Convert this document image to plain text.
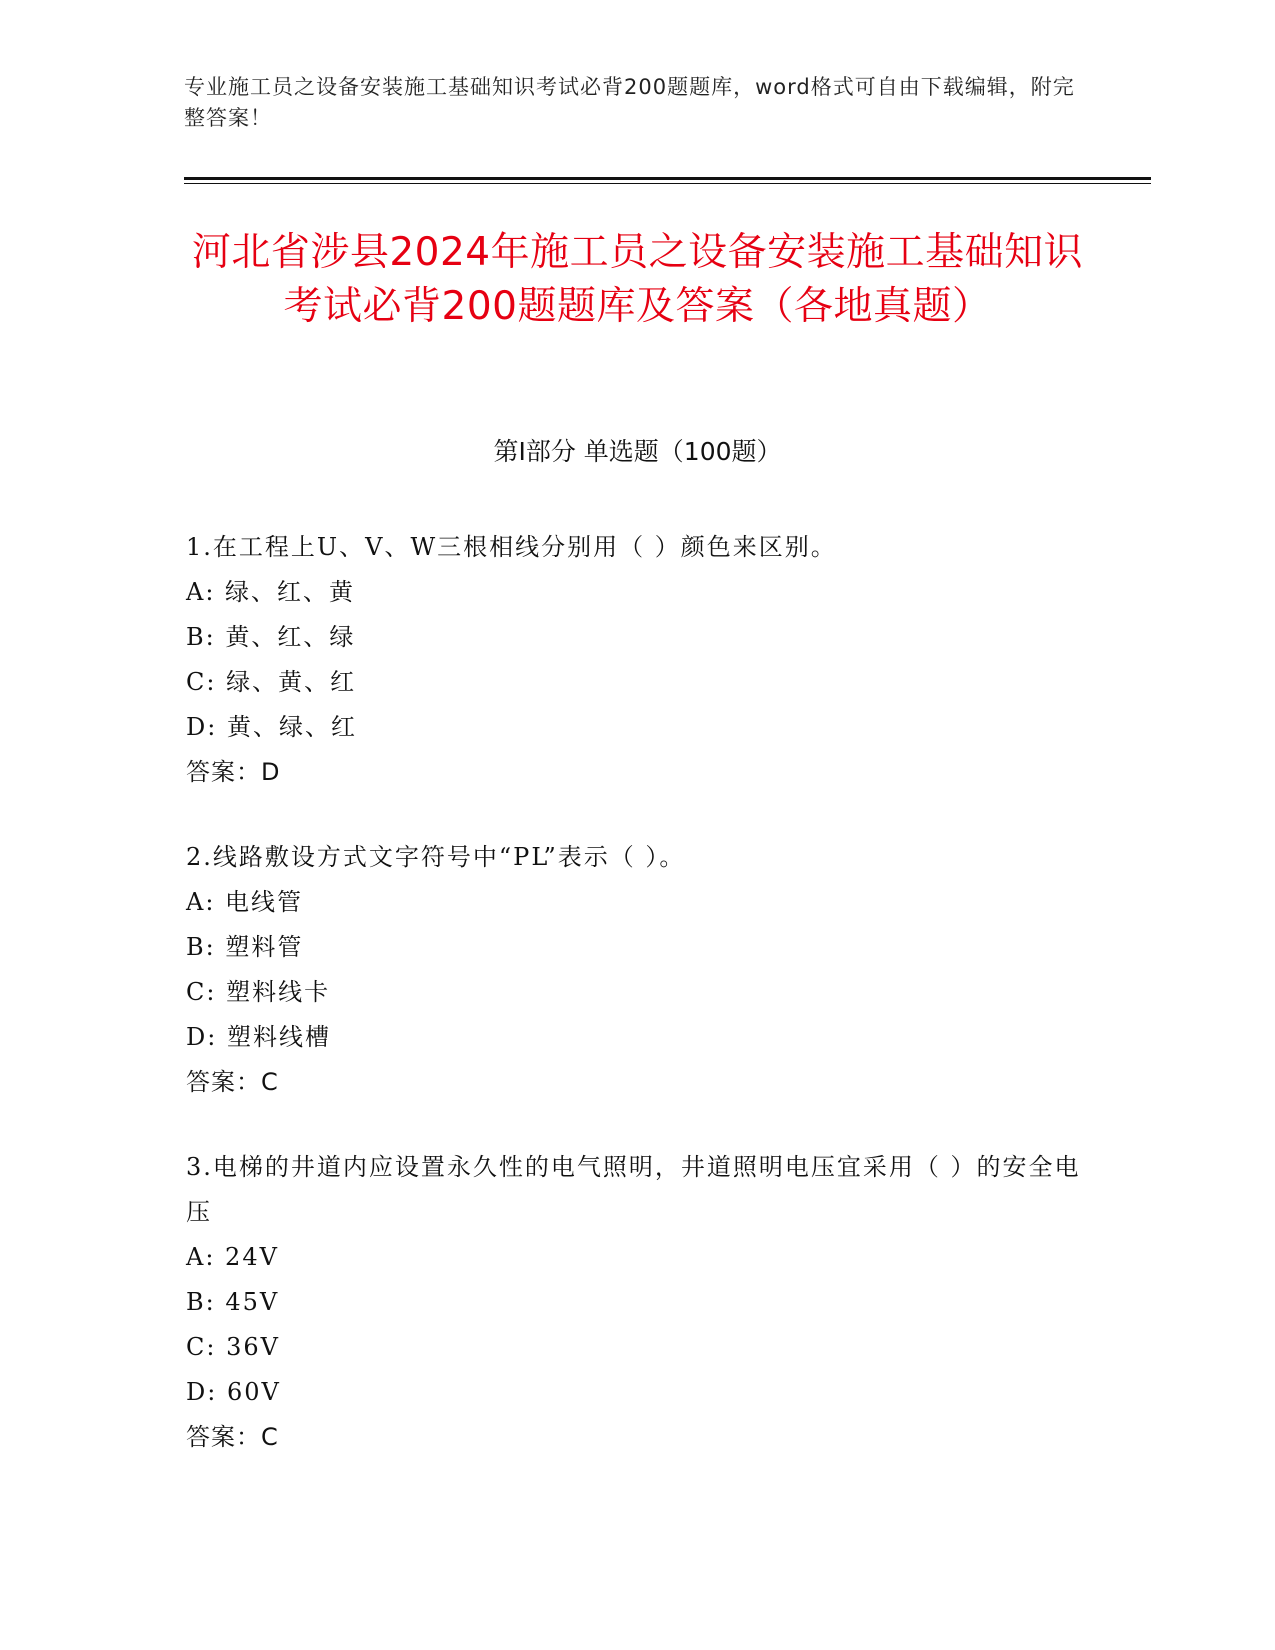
专业施工员之设备安装施工基础知识考试必背200题题库，word格式可自由下载编辑，附完整答案！
河北省涉县2024年施工员之设备安装施工基础知识考试必背200题题库及答案（各地真题）
第Ⅰ部分 单选题（100题）
1.在工程上U、V、W三根相线分别用（ ）颜色来区别。
A: 绿、红、黄
B: 黄、红、绿
C: 绿、黄、红
D: 黄、绿、红
答案：D
2.线路敷设方式文字符号中“PL”表示（ ）。
A: 电线管
B: 塑料管
C: 塑料线卡
D: 塑料线槽
答案：C
3.电梯的井道内应设置永久性的电气照明，井道照明电压宜采用（ ）的安全电压
A: 24V
B: 45V
C: 36V
D: 60V
答案：C
